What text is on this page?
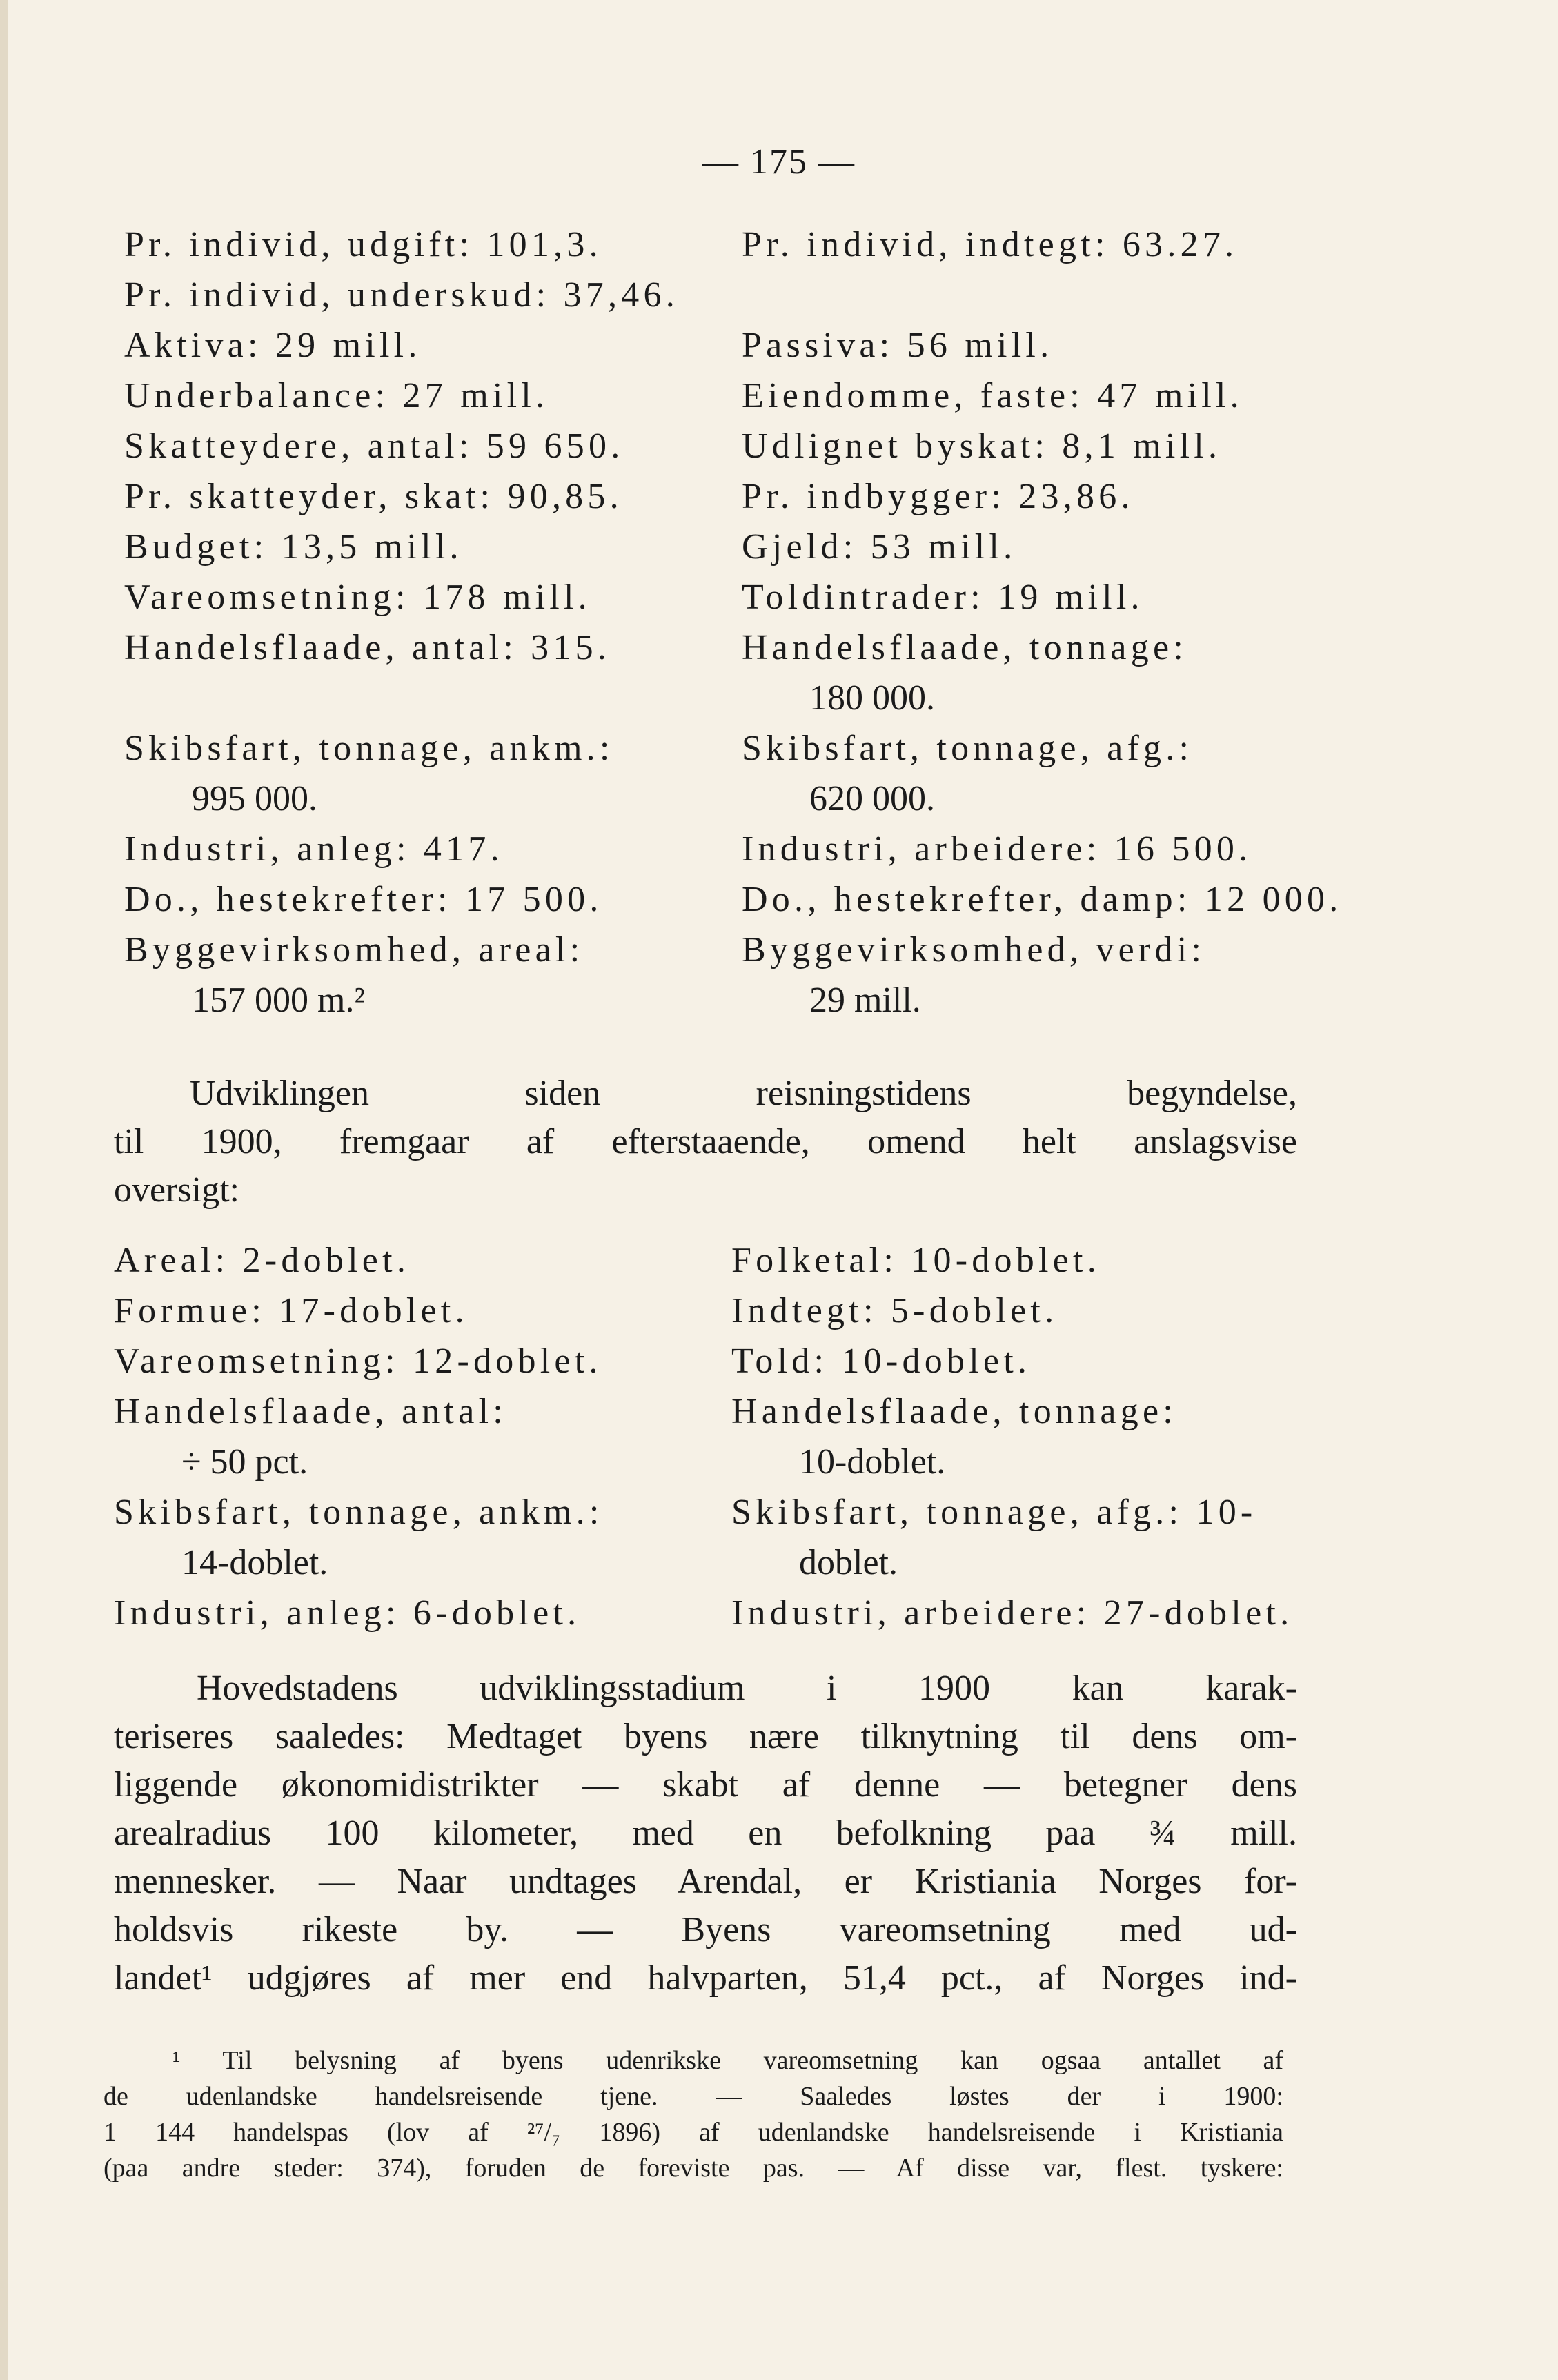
— 175 —
Pr. individ, udgift: 101,3.
Pr. individ, underskud: 37,46.
Aktiva: 29 mill.
Underbalance: 27 mill.
Skatteydere, antal: 59 650.
Pr. skatteyder, skat: 90,85.
Budget: 13,5 mill.
Vareomsetning: 178 mill.
Handelsflaade, antal: 315.
Skibsfart, tonnage, ankm.:
995 000.
Industri, anleg: 417.
Do., hestekrefter: 17 500.
Byggevirksomhed, areal:
157 000 m.²
Pr. individ, indtegt: 63.27.
Passiva: 56 mill.
Eiendomme, faste: 47 mill.
Udlignet byskat: 8,1 mill.
Pr. indbygger: 23,86.
Gjeld: 53 mill.
Toldintrader: 19 mill.
Handelsflaade, tonnage:
180 000.
Skibsfart, tonnage, afg.:
620 000.
Industri, arbeidere: 16 500.
Do., hestekrefter, damp: 12 000.
Byggevirksomhed, verdi:
29 mill.
Udviklingen siden reisningstidens begyndelse,
til 1900, fremgaar af efterstaaende, omend helt anslagsvise
oversigt:
Areal: 2-doblet.
Formue: 17-doblet.
Vareomsetning: 12-doblet.
Handelsflaade, antal:
÷ 50 pct.
Skibsfart, tonnage, ankm.:
14-doblet.
Industri, anleg: 6-doblet.
Folketal: 10-doblet.
Indtegt: 5-doblet.
Told: 10-doblet.
Handelsflaade, tonnage:
10-doblet.
Skibsfart, tonnage, afg.: 10-
doblet.
Industri, arbeidere: 27-doblet.
Hovedstadens udviklingsstadium i 1900 kan karak-
teriseres saaledes: Medtaget byens nære tilknytning til dens om-
liggende økonomidistrikter — skabt af denne — betegner dens
arealradius 100 kilometer, med en befolkning paa ¾ mill.
mennesker. — Naar undtages Arendal, er Kristiania Norges for-
holdsvis rikeste by. — Byens vareomsetning med ud-
landet¹ udgjøres af mer end halvparten, 51,4 pct., af Norges ind-
¹ Til belysning af byens udenrikske vareomsetning kan ogsaa antallet af
de udenlandske handelsreisende tjene. — Saaledes løstes der i 1900:
1 144 handelspas (lov af ²⁷/₇ 1896) af udenlandske handelsreisende i Kristiania
(paa andre steder: 374), foruden de foreviste pas. — Af disse var, flest. tyskere:
